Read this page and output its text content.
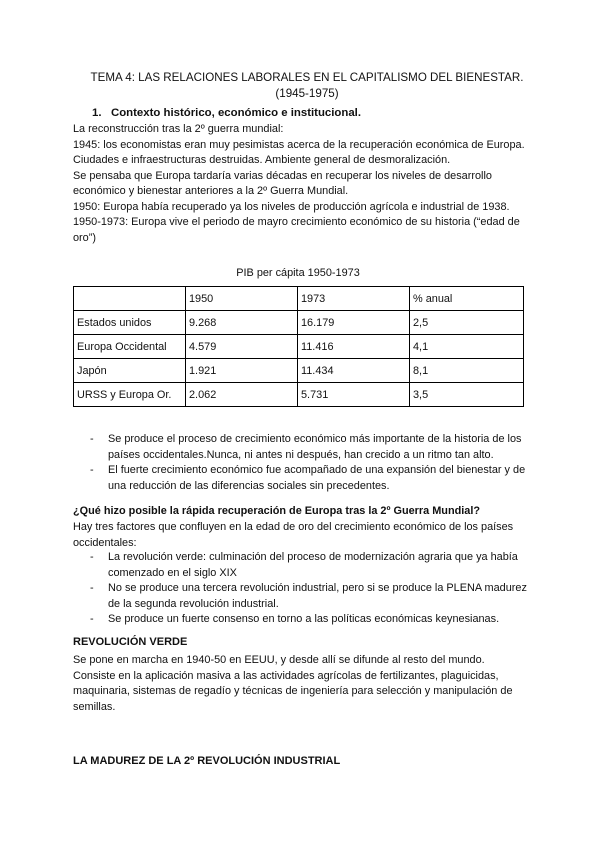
TEMA 4: LAS RELACIONES LABORALES EN EL CAPITALISMO DEL BIENESTAR.
(1945-1975)
1. Contexto histórico, económico e institucional.
La reconstrucción tras la 2º guerra mundial:
1945: los economistas eran muy pesimistas acerca de la recuperación económica de Europa.
Ciudades e infraestructuras destruidas. Ambiente general de desmoralización.
Se pensaba que Europa tardaría varias décadas en recuperar los niveles de desarrollo económico y bienestar anteriores a la 2º Guerra Mundial.
1950: Europa había recuperado ya los niveles de producción agrícola e industrial de 1938.
1950-1973: Europa vive el periodo de mayro crecimiento económico de su historia (“edad de oro”)
PIB per cápita 1950-1973
	1950	1973	% anual
Estados unidos	9.268	16.179	2,5
Europa Occidental	4.579	11.416	4,1
Japón	1.921	11.434	8,1
URSS y Europa Or.	2.062	5.731	3,5
- Se produce el proceso de crecimiento económico más importante de la historia de los países occidentales.Nunca, ni antes ni después, han crecido a un ritmo tan alto.
- El fuerte crecimiento económico fue acompañado de una expansión del bienestar y de una reducción de las diferencias sociales sin precedentes.
¿Qué hizo posible la rápida recuperación de Europa tras la 2º Guerra Mundial?
Hay tres factores que confluyen en la edad de oro del crecimiento económico de los países occidentales:
- La revolución verde: culminación del proceso de modernización agraria que ya había comenzado en el siglo XIX
- No se produce una tercera revolución industrial, pero si se produce la PLENA madurez de la segunda revolución industrial.
- Se produce un fuerte consenso en torno a las políticas económicas keynesianas.
REVOLUCIÓN VERDE
Se pone en marcha en 1940-50 en EEUU, y desde allí se difunde al resto del mundo.
Consiste en la aplicación masiva a las actividades agrícolas de fertilizantes, plaguicidas, maquinaria, sistemas de regadío y técnicas de ingeniería para selección y manipulación de semillas.
LA MADUREZ DE LA 2º REVOLUCIÓN INDUSTRIAL
